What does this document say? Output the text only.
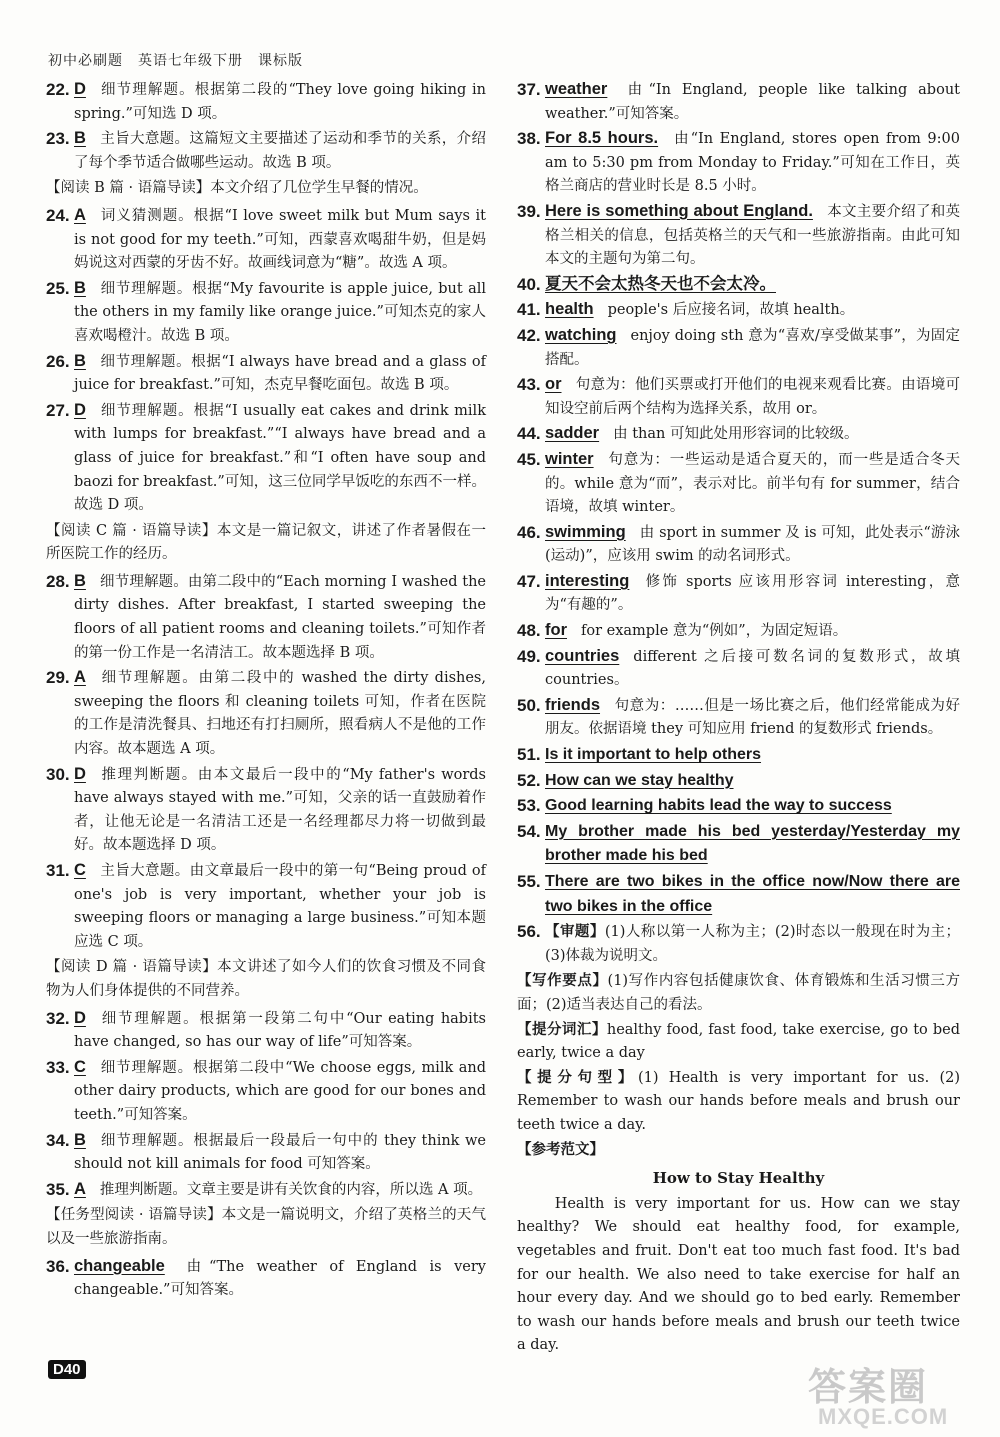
初中必刷题　英语七年级下册　课标版
22. D 细节理解题。根据第二段的“They love going hiking in spring.”可知选 D 项。
23. B 主旨大意题。这篇短文主要描述了运动和季节的关系，介绍了每个季节适合做哪些运动。故选 B 项。
【阅读 B 篇 · 语篇导读】本文介绍了几位学生早餐的情况。
24. A 词义猜测题。根据“I love sweet milk but Mum says it is not good for my teeth.”可知，西蒙喜欢喝甜牛奶，但是妈妈说这对西蒙的牙齿不好。故画线词意为“糖”。故选 A 项。
25. B 细节理解题。根据“My favourite is apple juice, but all the others in my family like orange juice.”可知杰克的家人喜欢喝橙汁。故选 B 项。
26. B 细节理解题。根据“I always have bread and a glass of juice for breakfast.”可知，杰克早餐吃面包。故选 B 项。
27. D 细节理解题。根据“I usually eat cakes and drink milk with lumps for breakfast.”“I always have bread and a glass of juice for breakfast.”和“I often have soup and baozi for breakfast.”可知，这三位同学早饭吃的东西不一样。故选 D 项。
【阅读 C 篇 · 语篇导读】本文是一篇记叙文，讲述了作者暑假在一所医院工作的经历。
28. B 细节理解题。由第二段中的“Each morning I washed the dirty dishes. After breakfast, I started sweeping the floors of all patient rooms and cleaning toilets.”可知作者的第一份工作是一名清洁工。故本题选择 B 项。
29. A 细节理解题。由第二段中的 washed the dirty dishes, sweeping the floors 和 cleaning toilets 可知，作者在医院的工作是清洗餐具、扫地还有打扫厕所，照看病人不是他的工作内容。故本题选 A 项。
30. D 推理判断题。由本文最后一段中的“My father's words have always stayed with me.”可知，父亲的话一直鼓励着作者，让他无论是一名清洁工还是一名经理都尽力将一切做到最好。故本题选择 D 项。
31. C 主旨大意题。由文章最后一段中的第一句“Being proud of one's job is very important, whether your job is sweeping floors or managing a large business.”可知本题应选 C 项。
【阅读 D 篇 · 语篇导读】本文讲述了如今人们的饮食习惯及不同食物为人们身体提供的不同营养。
32. D 细节理解题。根据第一段第二句中“Our eating habits have changed, so has our way of life”可知答案。
33. C 细节理解题。根据第二段中“We choose eggs, milk and other dairy products, which are good for our bones and teeth.”可知答案。
34. B 细节理解题。根据最后一段最后一句中的 they think we should not kill animals for food 可知答案。
35. A 推理判断题。文章主要是讲有关饮食的内容，所以选 A 项。
【任务型阅读 · 语篇导读】本文是一篇说明文，介绍了英格兰的天气以及一些旅游指南。
36. changeable 由“The weather of England is very changeable.”可知答案。
37. weather 由“In England, people like talking about weather.”可知答案。
38. For 8.5 hours. 由“In England, stores open from 9:00 am to 5:30 pm from Monday to Friday.”可知在工作日，英格兰商店的营业时长是 8.5 小时。
39. Here is something about England. 本文主要介绍了和英格兰相关的信息，包括英格兰的天气和一些旅游指南。由此可知本文的主题句为第二句。
40. 夏天不会太热冬天也不会太冷。
41. health people's 后应接名词，故填 health。
42. watching enjoy doing sth 意为“喜欢/享受做某事”，为固定搭配。
43. or 句意为：他们买票或打开他们的电视来观看比赛。由语境可知设空前后两个结构为选择关系，故用 or。
44. sadder 由 than 可知此处用形容词的比较级。
45. winter 句意为：一些运动是适合夏天的，而一些是适合冬天的。while 意为“而”，表示对比。前半句有 for summer，结合语境，故填 winter。
46. swimming 由 sport in summer 及 is 可知，此处表示“游泳(运动)”，应该用 swim 的动名词形式。
47. interesting 修饰 sports 应该用形容词 interesting，意为“有趣的”。
48. for for example 意为“例如”，为固定短语。
49. countries different 之后接可数名词的复数形式，故填 countries。
50. friends 句意为：……但是一场比赛之后，他们经常能成为好朋友。依据语境 they 可知应用 friend 的复数形式 friends。
51. Is it important to help others
52. How can we stay healthy
53. Good learning habits lead the way to success
54. My brother made his bed yesterday/Yesterday my brother made his bed
55. There are two bikes in the office now/Now there are two bikes in the office
56. 【审题】(1)人称以第一人称为主；(2)时态以一般现在时为主；(3)体裁为说明文。
【写作要点】(1)写作内容包括健康饮食、体育锻炼和生活习惯三方面；(2)适当表达自己的看法。
【提分词汇】healthy food, fast food, take exercise, go to bed early, twice a day
【提分句型】(1) Health is very important for us. (2) Remember to wash our hands before meals and brush our teeth twice a day.
【参考范文】
How to Stay Healthy
Health is very important for us. How can we stay healthy? We should eat healthy food, for example, vegetables and fruit. Don't eat too much fast food. It's bad for our health. We also need to take exercise for half an hour every day. And we should go to bed early. Remember to wash our hands before meals and brush our teeth twice a day.
D40	答案圈
MXQE.COM
